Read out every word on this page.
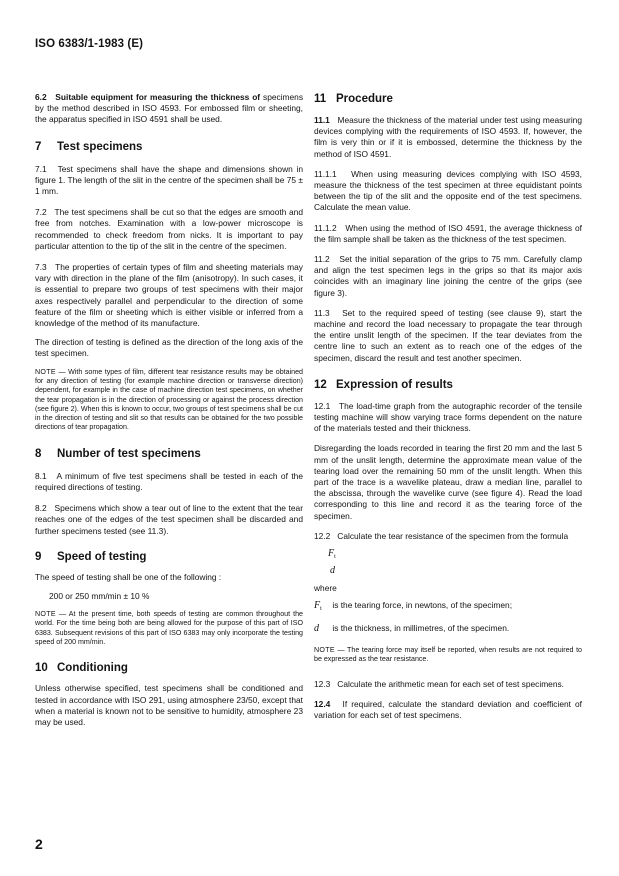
ISO 6383/1-1983 (E)

6.2 Suitable equipment for measuring the thickness of specimens by the method described in ISO 4593. For embossed film or sheeting, the apparatus specified in ISO 4591 shall be used.

7 Test specimens

7.1 Test specimens shall have the shape and dimensions shown in figure 1. The length of the slit in the centre of the specimen shall be 75 ± 1 mm.

7.2 The test specimens shall be cut so that the edges are smooth and free from notches. Examination with a low-power microscope is recommended to check freedom from nicks. It is important to pay particular attention to the tip of the slit in the centre of the specimen.

7.3 The properties of certain types of film and sheeting materials may vary with direction in the plane of the film (anisotropy). In such cases, it is essential to prepare two groups of test specimens with their major axes respectively parallel and perpendicular to the direction of some feature of the film or sheeting which is either visible or inferred from a knowledge of the method of its manufacture.

The direction of testing is defined as the direction of the long axis of the test specimen.

NOTE — With some types of film, different tear resistance results may be obtained for any direction of testing (for example machine direction or transverse direction) dependent, for example in the case of machine direction test specimens, on whether the tear propagation is in the direction of processing or against the process direction (see figure 2). When this is known to occur, two groups of test specimens shall be cut in the direction of testing and slit so that results can be obtained for the two possible directions of tear propagation.

8 Number of test specimens

8.1 A minimum of five test specimens shall be tested in each of the required directions of testing.

8.2 Specimens which show a tear out of line to the extent that the tear reaches one of the edges of the test specimen shall be discarded and further specimens tested (see 11.3).

9 Speed of testing

The speed of testing shall be one of the following :

200 or 250 mm/min ± 10 %

NOTE — At the present time, both speeds of testing are common throughout the world. For the time being both are being allowed for the purpose of this part of ISO 6383. Subsequent revisions of this part of ISO 6383 may only incorporate the testing speed of 200 mm/min.

10 Conditioning

Unless otherwise specified, test specimens shall be conditioned and tested in accordance with ISO 291, using atmosphere 23/50, except that when a material is known not to be sensitive to humidity, atmosphere 23 may be used.

11 Procedure

11.1 Measure the thickness of the material under test using measuring devices complying with the requirements of ISO 4593. If, however, the film is very thin or if it is embossed, determine the thickness by the method of ISO 4591.

11.1.1 When using measuring devices complying with ISO 4593, measure the thickness of the test specimen at three equidistant points between the tip of the slit and the opposite end of the test specimens. Calculate the mean value.

11.1.2 When using the method of ISO 4591, the average thickness of the film sample shall be taken as the thickness of the test specimen.

11.2 Set the initial separation of the grips to 75 mm. Carefully clamp and align the test specimen legs in the grips so that its major axis coincides with an imaginary line joining the centre of the grips (see figure 3).

11.3 Set to the required speed of testing (see clause 9), start the machine and record the load necessary to propagate the tear through the entire unslit length of the specimen. If the tear deviates from the centre line to such an extent as to reach one of the edges of the specimen, discard the result and test another specimen.

12 Expression of results

12.1 The load-time graph from the autographic recorder of the tensile testing machine will show varying trace forms dependent on the nature of the materials tested and their thickness.

Disregarding the loads recorded in tearing the first 20 mm and the last 5 mm of the unslit length, determine the approximate mean value of the tearing load over the remaining 50 mm of the unslit length. When this part of the trace is a wavelike plateau, draw a median line, parallel to the abscissa, through the wavelike curve (see figure 4). Read the load corresponding to this line and record it as the tearing force of the specimen.

12.2 Calculate the tear resistance of the specimen from the formula

$F_t$
d

where

$F_t$ is the tearing force, in newtons, of the specimen;

d is the thickness, in millimetres, of the specimen.

NOTE — The tearing force may itself be reported, when results are not required to be expressed as the tear resistance.

12.3 Calculate the arithmetic mean for each set of test specimens.

12.4 If required, calculate the standard deviation and coefficient of variation for each set of test specimens.

2
